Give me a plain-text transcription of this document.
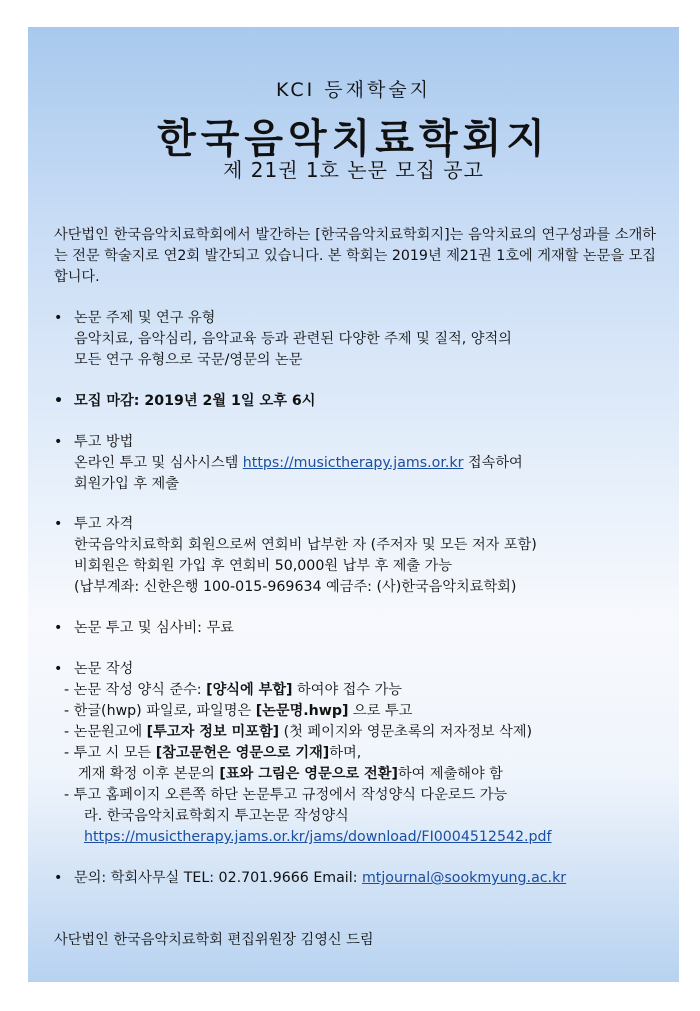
KCI 등재학술지
한국음악치료학회지
제 21권 1호 논문 모집 공고
사단법인 한국음악치료학회에서 발간하는 [한국음악치료학회지]는 음악치료의 연구성과를 소개하는 전문 학술지로 연2회 발간되고 있습니다. 본 학회는 2019년 제21권 1호에 게재할 논문을 모집합니다.
• 논문 주제 및 연구 유형
음악치료, 음악심리, 음악교육 등과 관련된 다양한 주제 및 질적, 양적의
모든 연구 유형으로 국문/영문의 논문
• 모집 마감: 2019년 2월 1일 오후 6시
• 투고 방법
온라인 투고 및 심사시스템 https://musictherapy.jams.or.kr 접속하여
회원가입 후 제출
• 투고 자격
한국음악치료학회 회원으로써 연회비 납부한 자 (주저자 및 모든 저자 포함)
비회원은 학회원 가입 후 연회비 50,000원 납부 후 제출 가능
(납부계좌: 신한은행 100-015-969634 예금주: (사)한국음악치료학회)
• 논문 투고 및 심사비: 무료
• 논문 작성
- 논문 작성 양식 준수: [양식에 부합] 하여야 접수 가능
- 한글(hwp) 파일로, 파일명은 [논문명.hwp] 으로 투고
- 논문원고에 [투고자 정보 미포함] (첫 페이지와 영문초록의 저자정보 삭제)
- 투고 시 모든 [참고문헌은 영문으로 기재]하며,
게재 확정 이후 본문의 [표와 그림은 영문으로 전환]하여 제출해야 함
- 투고 홈페이지 오른쪽 하단 논문투고 규정에서 작성양식 다운로드 가능
라. 한국음악치료학회지 투고논문 작성양식
https://musictherapy.jams.or.kr/jams/download/FI0004512542.pdf
• 문의: 학회사무실 TEL: 02.701.9666 Email: mtjournal@sookmyung.ac.kr
사단법인 한국음악치료학회 편집위원장 김영신 드림
